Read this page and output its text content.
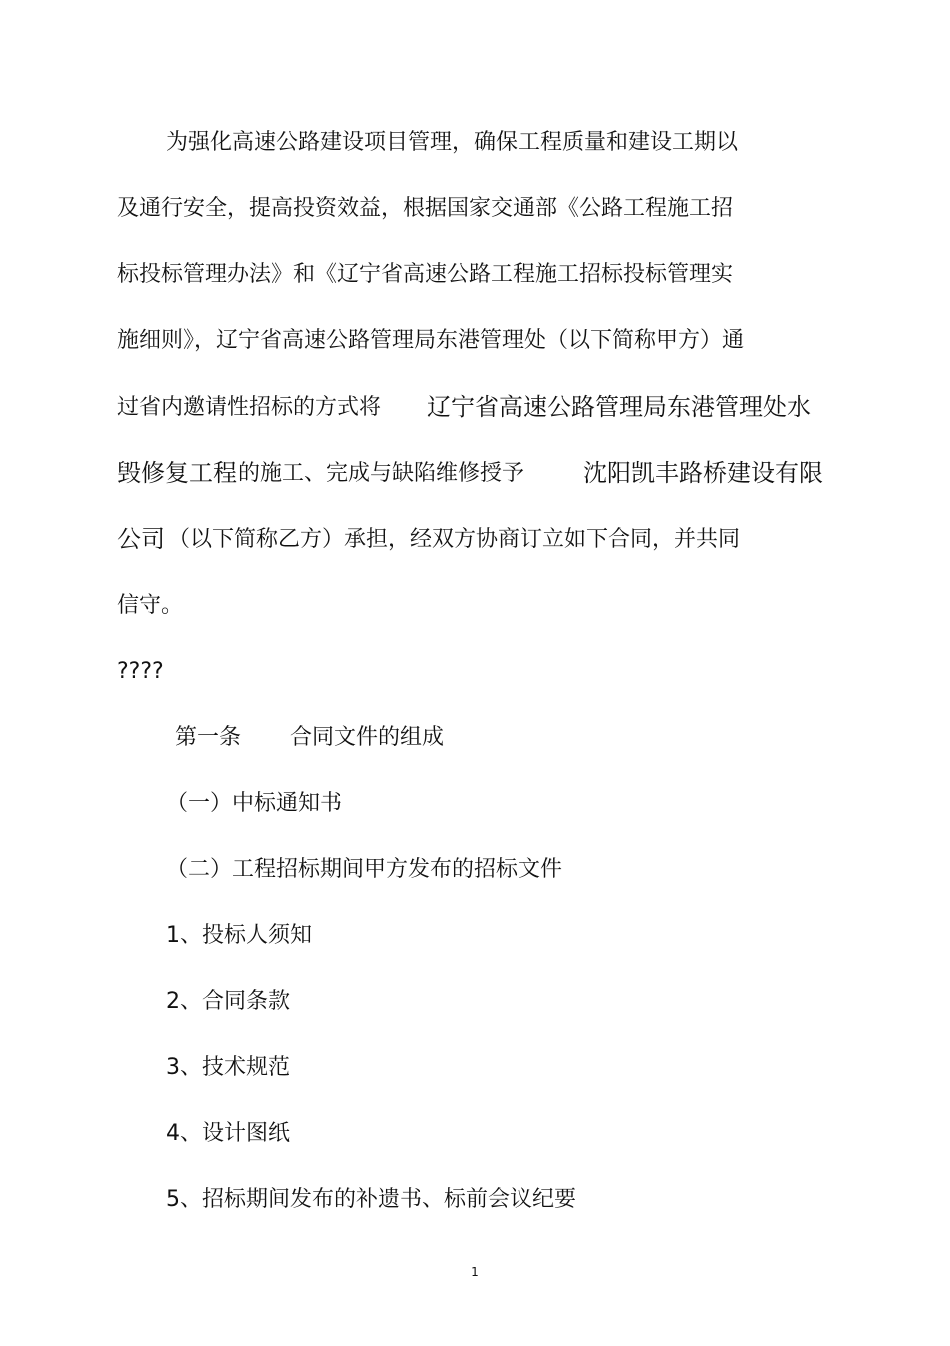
为强化高速公路建设项目管理，确保工程质量和建设工期以
及通行安全，提高投资效益，根据国家交通部《公路工程施工招
标投标管理办法》和《辽宁省高速公路工程施工招标投标管理实
施细则》，辽宁省高速公路管理局东港管理处（以下简称甲方）通
过省内邀请性招标的方式将 辽宁省高速公路管理局东港管理处水
毁修复工程 的施工、完成与缺陷维修授予 沈阳凯丰路桥建设有限
公司 （以下简称乙方）承担，经双方协商订立如下合同，并共同
信守。
????
第一条 合同文件的组成
（一）中标通知书
（二）工程招标期间甲方发布的招标文件
1、投标人须知
2、合同条款
3、技术规范
4、设计图纸
5、招标期间发布的补遗书、标前会议纪要
1
